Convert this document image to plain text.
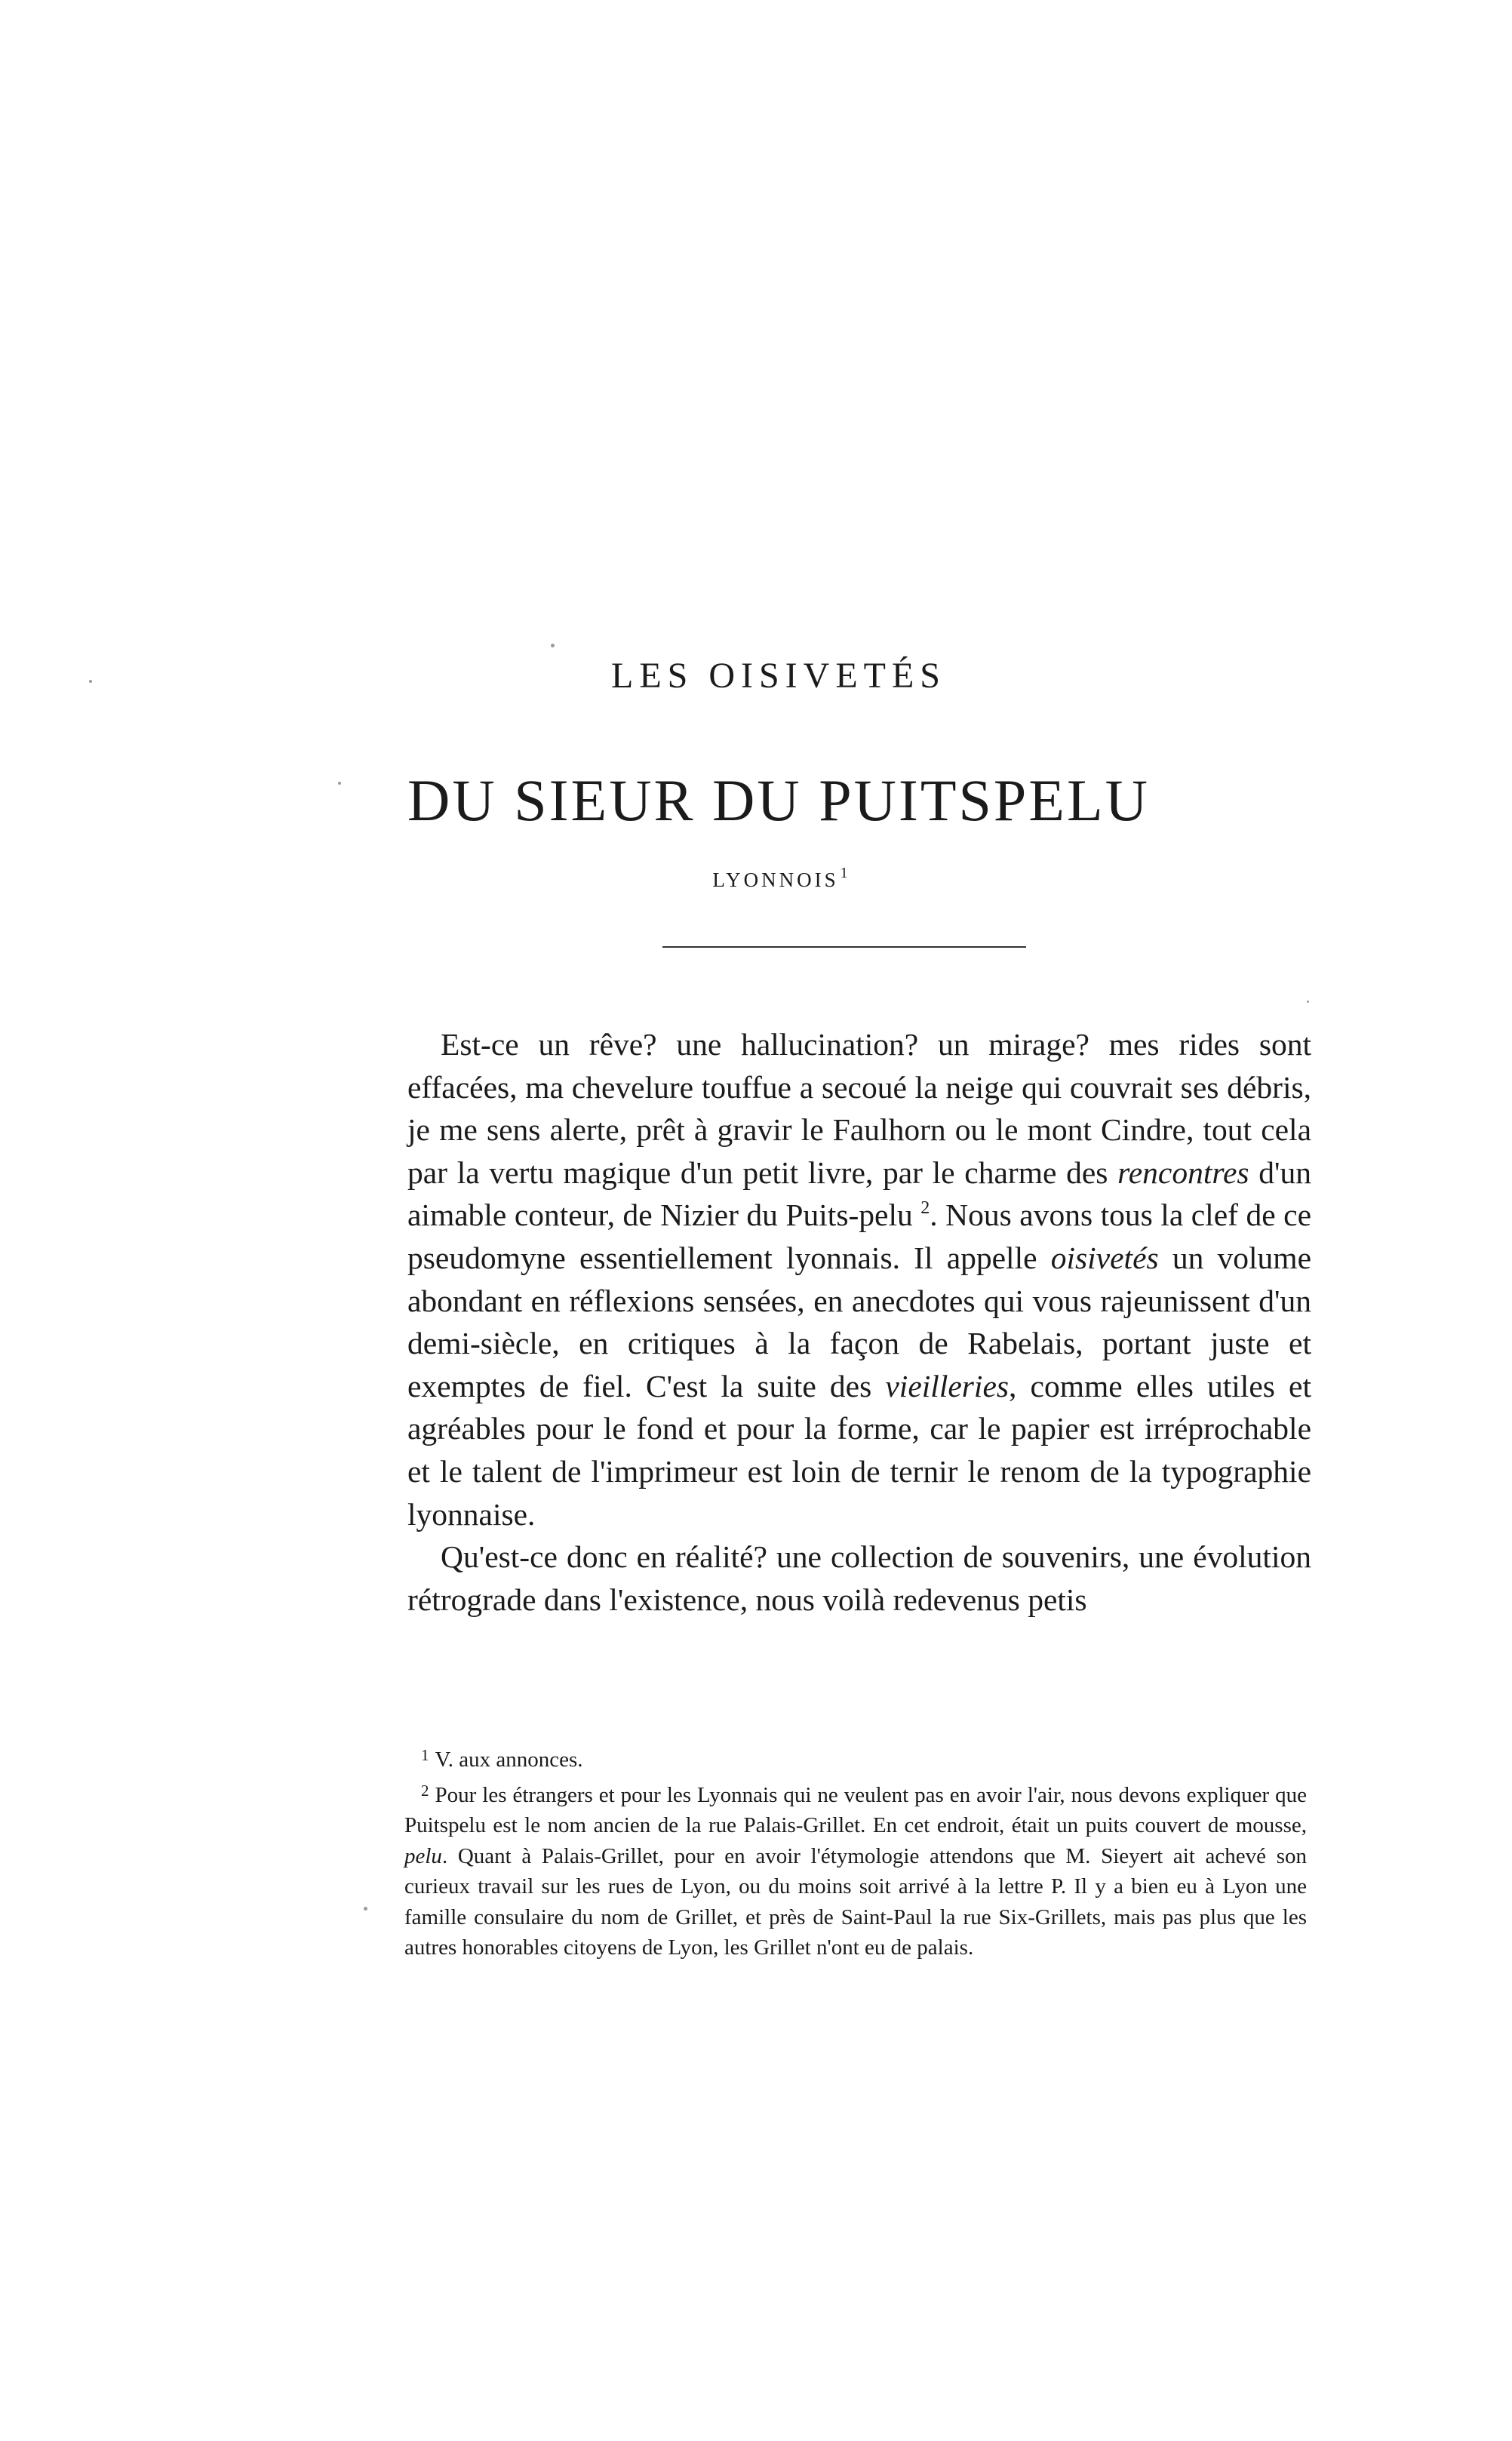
LES OISIVETÉS
DU SIEUR DU PUITSPELU
LYONNOIS $^1$

Est-ce un rêve? une hallucination? un mirage? mes rides sont effacées, ma chevelure touffue a secoué la neige qui couvrait ses débris, je me sens alerte, prêt à gravir le Faulhorn ou le mont Cindre, tout cela par la vertu magique d'un petit livre, par le charme des rencontres d'un aimable conteur, de Nizier du Puits-pelu $^2$. Nous avons tous la clef de ce pseudomyne essentiellement lyonnais. Il appelle oisivetés un volume abondant en réflexions sensées, en anecdotes qui vous rajeunissent d'un demi-siècle, en critiques à la façon de Rabelais, portant juste et exemptes de fiel. C'est la suite des vieilleries, comme elles utiles et agréables pour le fond et pour la forme, car le papier est irréprochable et le talent de l'imprimeur est loin de ternir le renom de la typographie lyonnaise.

Qu'est-ce donc en réalité? une collection de souvenirs, une évolution rétrograde dans l'existence, nous voilà redevenus petis

$^1$ V. aux annonces.

$^2$ Pour les étrangers et pour les Lyonnais qui ne veulent pas en avoir l'air, nous devons expliquer que Puitspelu est le nom ancien de la rue Palais-Grillet. En cet endroit, était un puits couvert de mousse, pelu. Quant à Palais-Grillet, pour en avoir l'étymologie attendons que M. Sieyert ait achevé son curieux travail sur les rues de Lyon, ou du moins soit arrivé à la lettre P. Il y a bien eu à Lyon une famille consulaire du nom de Grillet, et près de Saint-Paul la rue Six-Grillets, mais pas plus que les autres honorables citoyens de Lyon, les Grillet n'ont eu de palais.
